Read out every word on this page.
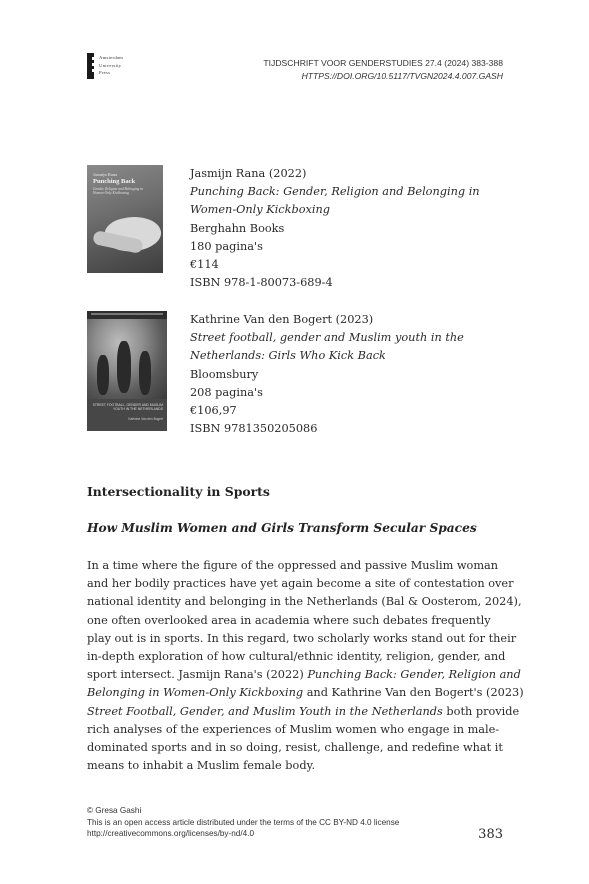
Amsterdam
University
Press
TIJDSCHRIFT VOOR GENDERSTUDIES 27.4 (2024) 383-388
HTTPS://DOI.ORG/10.5117/TVGN2024.4.007.GASH
Jasmijn Rana
Punching Back
Gender, Religion and Belonging in Women-Only Kickboxing
Jasmijn Rana (2022)
Punching Back: Gender, Religion and Belonging in
Women-Only Kickboxing
Berghahn Books
180 pagina's
€114
ISBN 978-1-80073-689-4
STREET FOOTBALL, GENDER AND MUSLIM YOUTH IN THE NETHERLANDS
Kathrine Van den Bogert
Kathrine Van den Bogert (2023)
Street football, gender and Muslim youth in the
Netherlands: Girls Who Kick Back
Bloomsbury
208 pagina's
€106,97
ISBN 9781350205086
Intersectionality in Sports
How Muslim Women and Girls Transform Secular Spaces
In a time where the figure of the oppressed and passive Muslim woman
and her bodily practices have yet again become a site of contestation over
national identity and belonging in the Netherlands (Bal & Oosterom, 2024),
one often overlooked area in academia where such debates frequently
play out is in sports. In this regard, two scholarly works stand out for their
in-depth exploration of how cultural/ethnic identity, religion, gender, and
sport intersect. Jasmijn Rana's (2022) Punching Back: Gender, Religion and
Belonging in Women-Only Kickboxing and Kathrine Van den Bogert's (2023)
Street Football, Gender, and Muslim Youth in the Netherlands both provide
rich analyses of the experiences of Muslim women who engage in male-
dominated sports and in so doing, resist, challenge, and redefine what it
means to inhabit a Muslim female body.
© Gresa Gashi
This is an open access article distributed under the terms of the CC BY-ND 4.0 license
http://creativecommons.org/licenses/by-nd/4.0	383
